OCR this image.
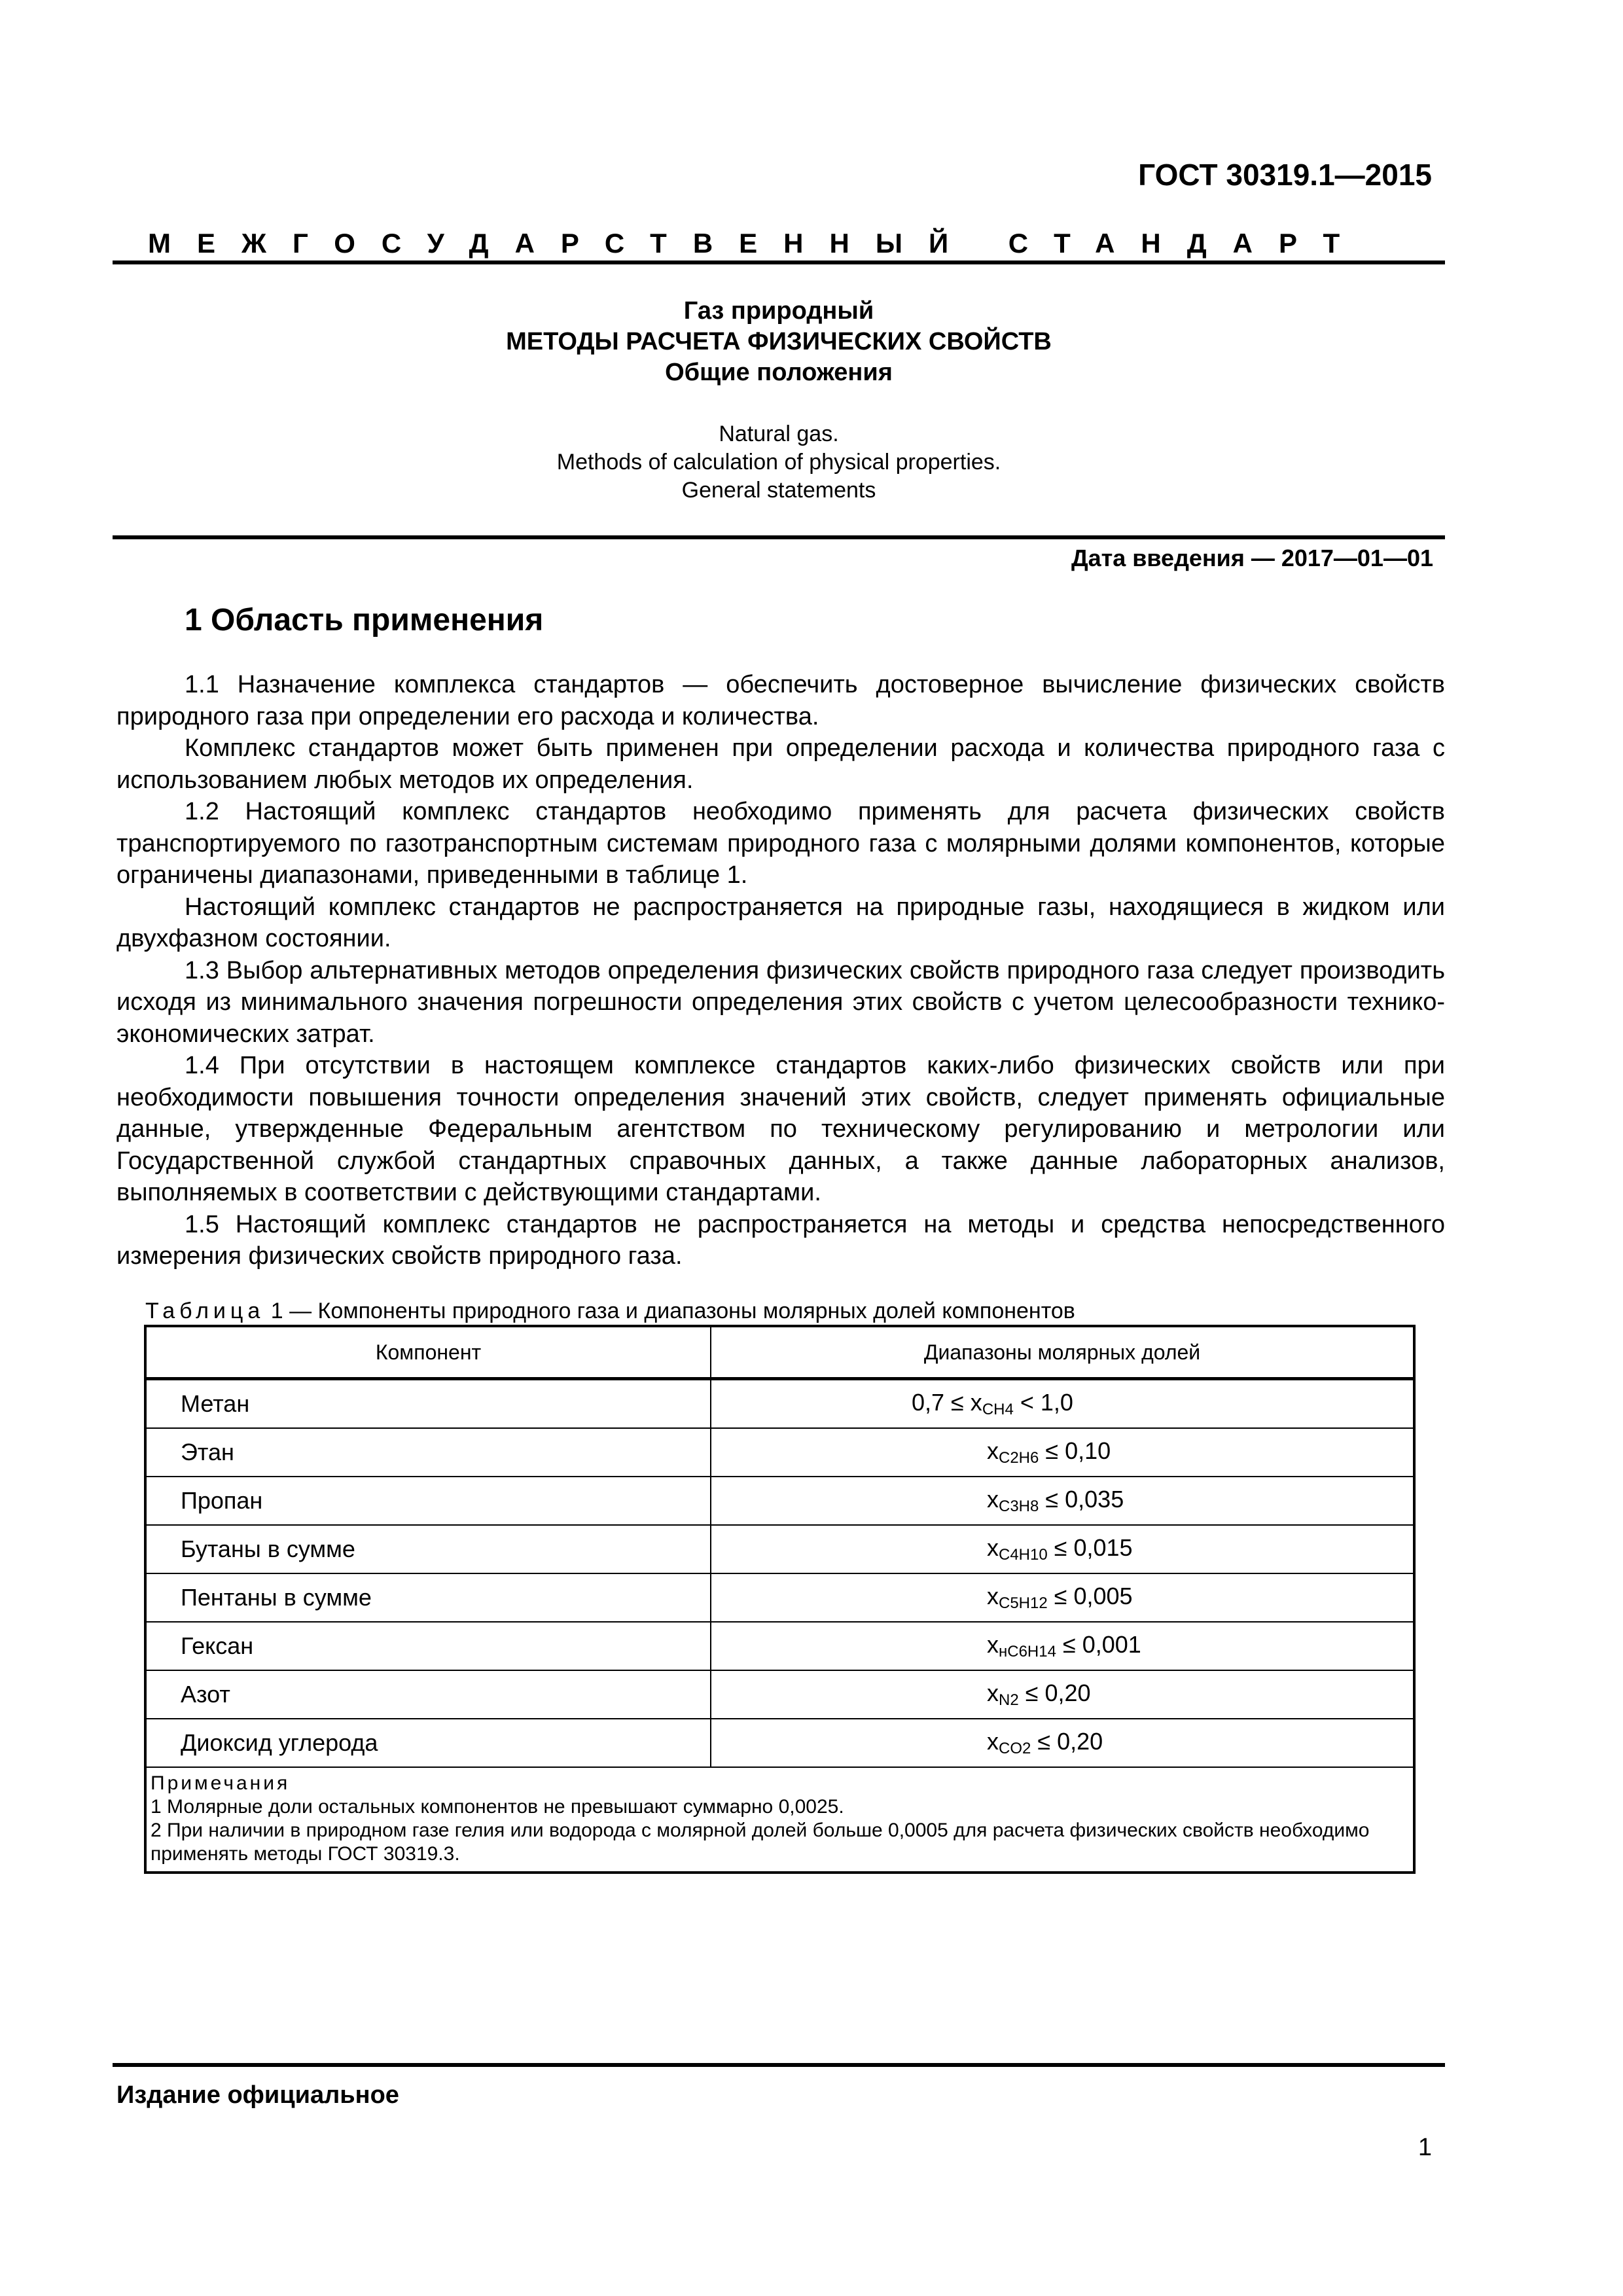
ГОСТ 30319.1—2015
МЕЖГОСУДАРСТВЕННЫЙ СТАНДАРТ
Газ природный
МЕТОДЫ РАСЧЕТА ФИЗИЧЕСКИХ СВОЙСТВ
Общие положения
Natural gas.
Methods of calculation of physical properties.
General statements
Дата введения — 2017—01—01
1 Область применения

1.1 Назначение комплекса стандартов — обеспечить достоверное вычисление физических свойств природного газа при определении его расхода и количества.

Комплекс стандартов может быть применен при определении расхода и количества природного газа с использованием любых методов их определения.

1.2 Настоящий комплекс стандартов необходимо применять для расчета физических свойств транспортируемого по газотранспортным системам природного газа с молярными долями компонентов, которые ограничены диапазонами, приведенными в таблице 1.

Настоящий комплекс стандартов не распространяется на природные газы, находящиеся в жидком или двухфазном состоянии.

1.3 Выбор альтернативных методов определения физических свойств природного газа следует производить исходя из минимального значения погрешности определения этих свойств с учетом целесообразности технико-экономических затрат.

1.4 При отсутствии в настоящем комплексе стандартов каких-либо физических свойств или при необходимости повышения точности определения значений этих свойств, следует применять официальные данные, утвержденные Федеральным агентством по техническому регулированию и метрологии или Государственной службой стандартных справочных данных, а также данные лабораторных анализов, выполняемых в соответствии с действующими стандартами.

1.5 Настоящий комплекс стандартов не распространяется на методы и средства непосредственного измерения физических свойств природного газа.

Таблица 1 — Компоненты природного газа и диапазоны молярных долей компонентов
Компонент	Диапазоны молярных долей
Метан	$0,7 \le x_{CH4} < 1,0$
Этан	$x_{C2H6} \le 0,10$
Пропан	$x_{C3H8} \le 0,035$
Бутаны в сумме	$x_{C4H10} \le 0,015$
Пентаны в сумме	$x_{C5H12} \le 0,005$
Гексан	$x_{нC6H14} \le 0,001$
Азот	$x_{N2} \le 0,20$
Диоксид углерода	$x_{CO2} \le 0,20$

Примечания
1 Молярные доли остальных компонентов не превышают суммарно 0,0025.
2 При наличии в природном газе гелия или водорода с молярной долей больше 0,0005 для расчета физических свойств необходимо применять методы ГОСТ 30319.3.	
Издание официальное
1
